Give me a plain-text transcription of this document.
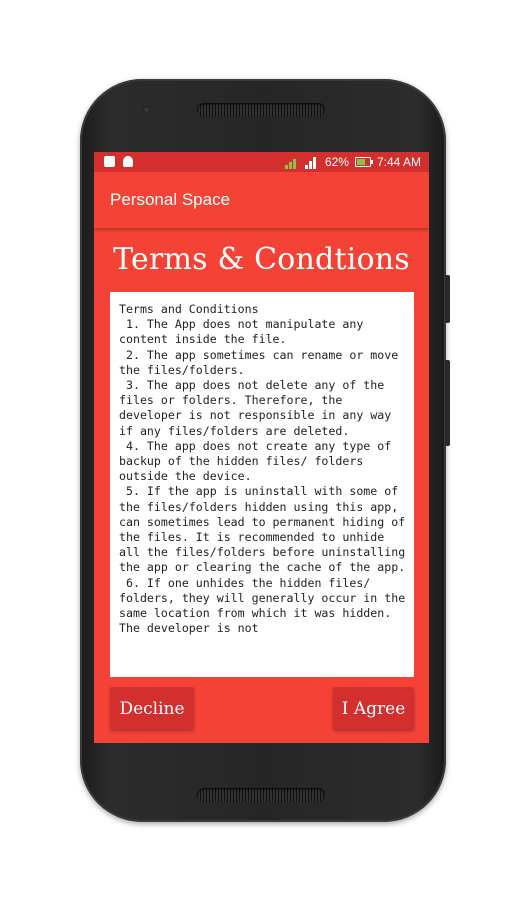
62% 7:44 AM
Personal Space
Terms & Condtions
Terms and Conditions
1. The App does not manipulate any content inside the file.
2. The app sometimes can rename or move the files/folders.
3. The app does not delete any of the files or folders. Therefore, the developer is not responsible in any way if any files/folders are deleted.
4. The app does not create any type of backup of the hidden files/ folders outside the device.
5. If the app is uninstall with some of the files/folders hidden using this app, can sometimes lead to permanent hiding of the files. It is recommended to unhide all the files/folders before uninstalling the app or clearing the cache of the app.
6. If one unhides the hidden files/ folders, they will generally occur in the same location from which it was hidden. The developer is not
Decline	I Agree
